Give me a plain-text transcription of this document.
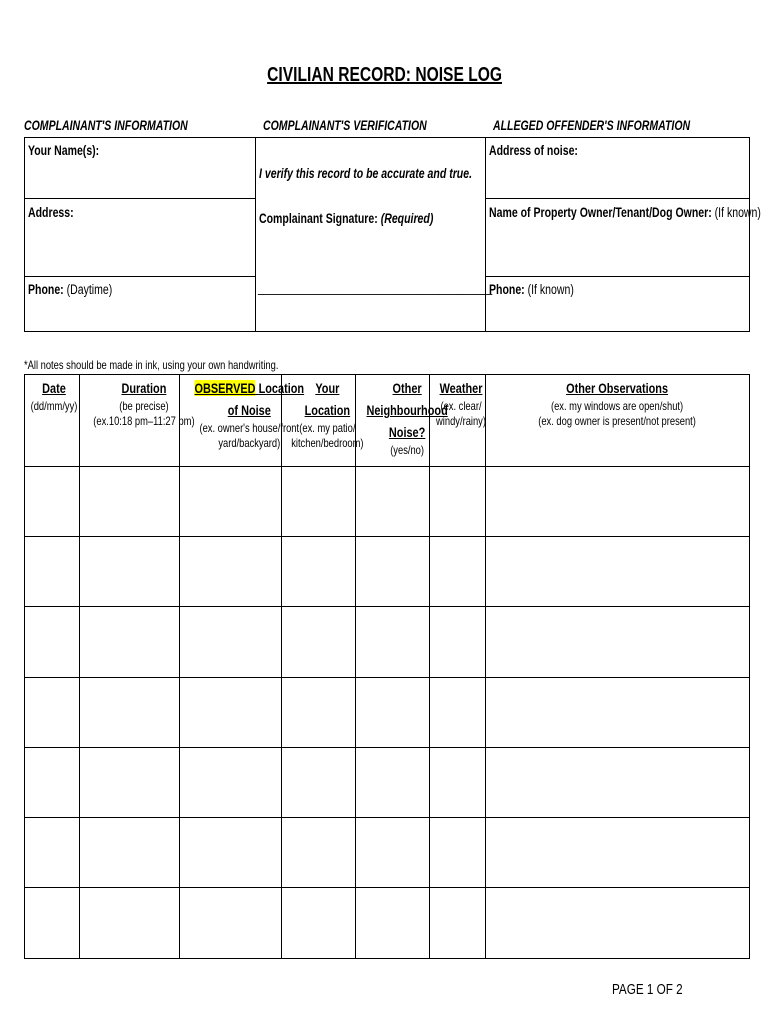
CIVILIAN RECORD: NOISE LOG
COMPLAINANT'S INFORMATION	COMPLAINANT'S VERIFICATION	ALLEGED OFFENDER'S INFORMATION
Your Name(s):
Address:
Phone: (Daytime)
I verify this record to be accurate and true.
Complainant Signature: (Required)
________________________________________
Address of noise:
Name of Property Owner/Tenant/Dog Owner: (If known)
Phone: (If known)
*All notes should be made in ink, using your own handwriting.
Date
(dd/mm/yy)
Duration
(be precise)
(ex.10:18 pm–11:27 pm)
OBSERVED Location
of Noise
(ex. owner's house/front
yard/backyard)
Your
Location
(ex. my patio/
kitchen/bedroom)
Other
Neighbourhood
Noise?
(yes/no)
Weather
(ex. clear/
windy/rainy)
Other Observations
(ex. my windows are open/shut)
(ex. dog owner is present/not present)
PAGE 1 OF 2
